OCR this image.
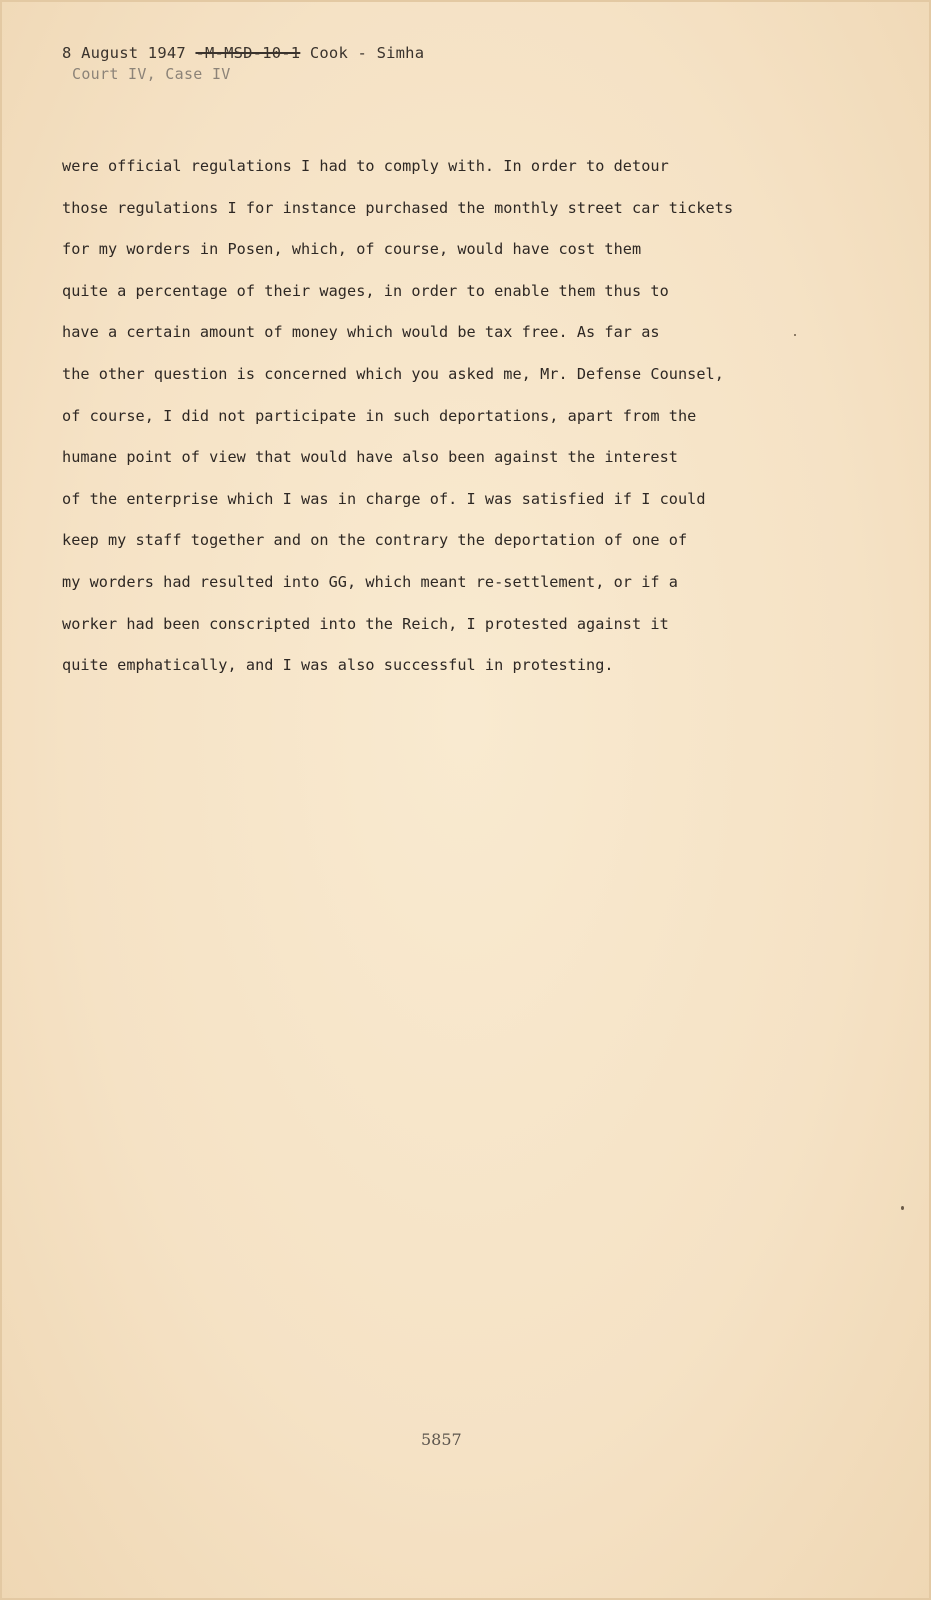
8 August 1947 -M-MSD-10-1 Cook - Simha
Court IV, Case IV
were official regulations I had to comply with. In order to detour
those regulations I for instance purchased the monthly street car tickets
for my worders in Posen, which, of course, would have cost them
quite a percentage of their wages, in order to enable them thus to
have a certain amount of money which would be tax free. As far as
the other question is concerned which you asked me, Mr. Defense Counsel,
of course, I did not participate in such deportations, apart from the
humane point of view that would have also been against the interest
of the enterprise which I was in charge of. I was satisfied if I could
keep my staff together and on the contrary the deportation of one of
my worders had resulted into GG, which meant re-settlement, or if a
worker had been conscripted into the Reich, I protested against it
quite emphatically, and I was also successful in protesting.
5857
